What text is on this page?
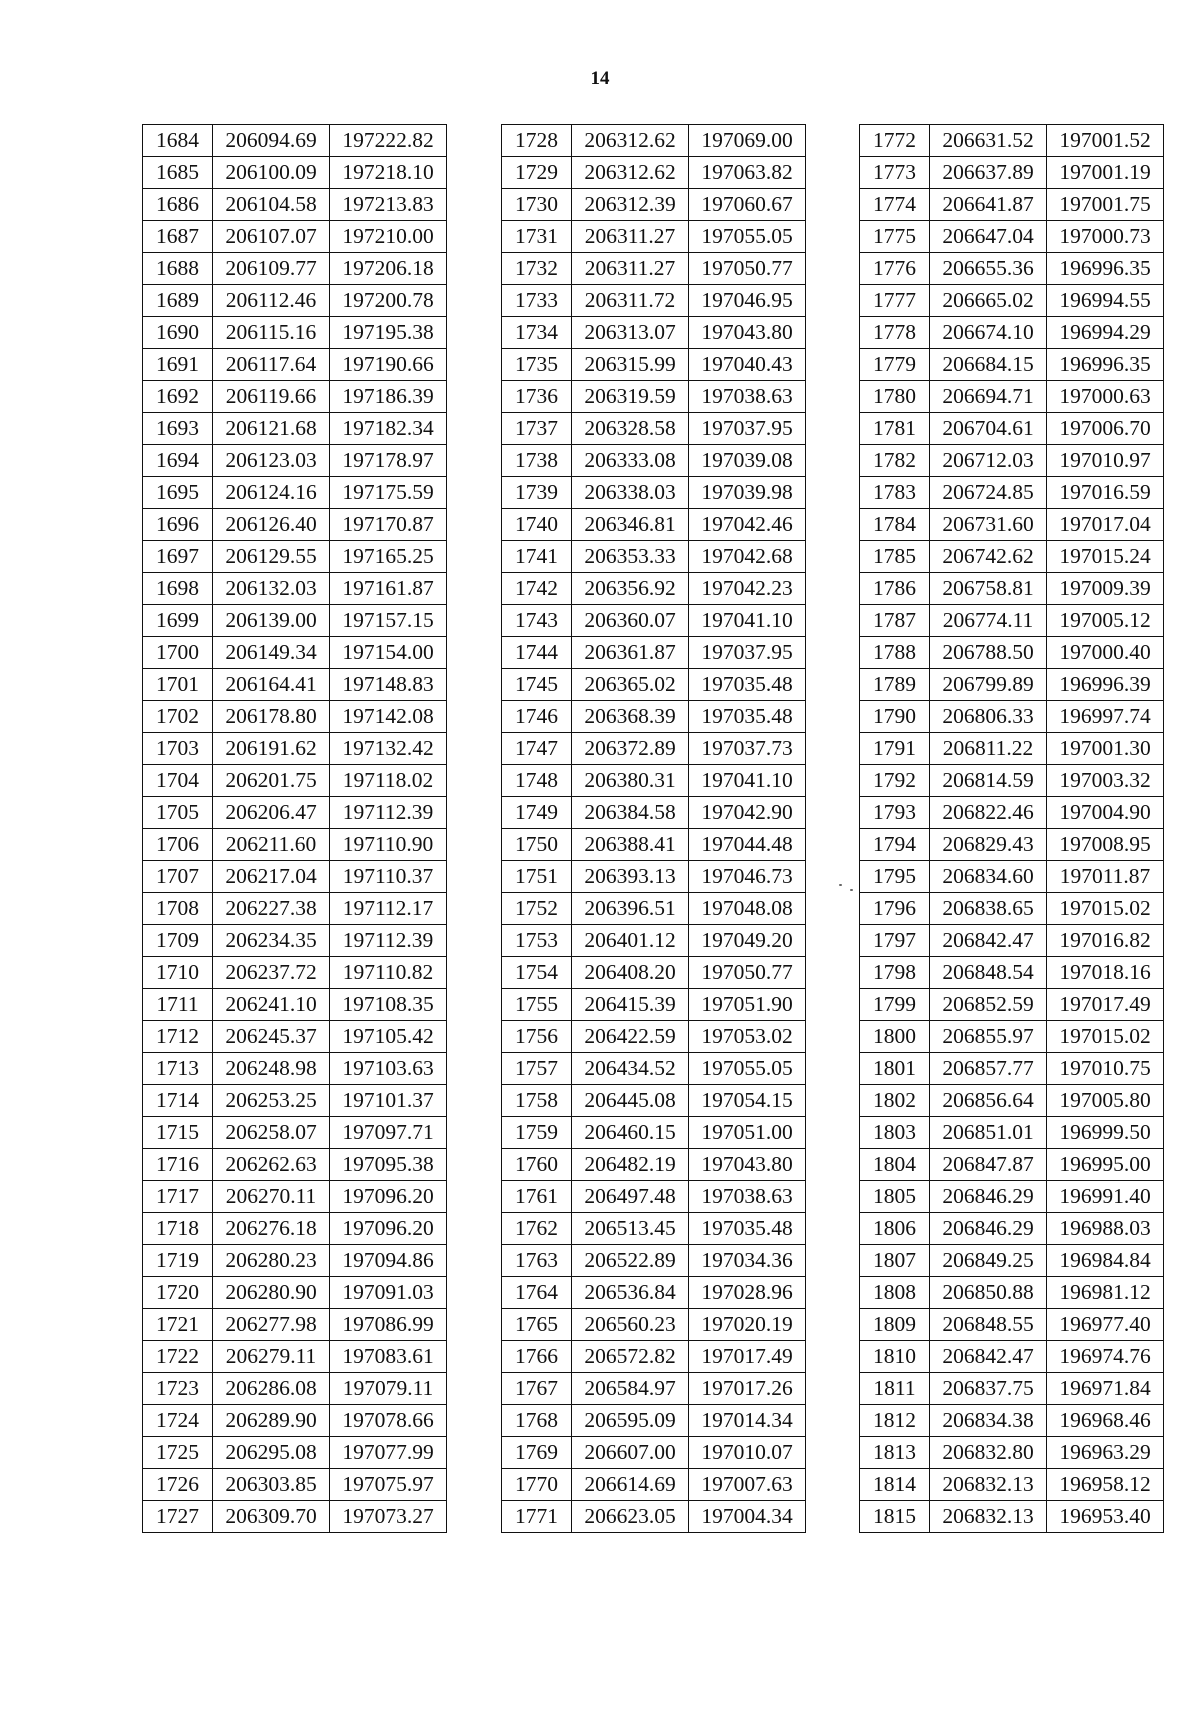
14
1684	206094.69	197222.82
1685	206100.09	197218.10
1686	206104.58	197213.83
1687	206107.07	197210.00
1688	206109.77	197206.18
1689	206112.46	197200.78
1690	206115.16	197195.38
1691	206117.64	197190.66
1692	206119.66	197186.39
1693	206121.68	197182.34
1694	206123.03	197178.97
1695	206124.16	197175.59
1696	206126.40	197170.87
1697	206129.55	197165.25
1698	206132.03	197161.87
1699	206139.00	197157.15
1700	206149.34	197154.00
1701	206164.41	197148.83
1702	206178.80	197142.08
1703	206191.62	197132.42
1704	206201.75	197118.02
1705	206206.47	197112.39
1706	206211.60	197110.90
1707	206217.04	197110.37
1708	206227.38	197112.17
1709	206234.35	197112.39
1710	206237.72	197110.82
1711	206241.10	197108.35
1712	206245.37	197105.42
1713	206248.98	197103.63
1714	206253.25	197101.37
1715	206258.07	197097.71
1716	206262.63	197095.38
1717	206270.11	197096.20
1718	206276.18	197096.20
1719	206280.23	197094.86
1720	206280.90	197091.03
1721	206277.98	197086.99
1722	206279.11	197083.61
1723	206286.08	197079.11
1724	206289.90	197078.66
1725	206295.08	197077.99
1726	206303.85	197075.97
1727	206309.70	197073.27
1728	206312.62	197069.00
1729	206312.62	197063.82
1730	206312.39	197060.67
1731	206311.27	197055.05
1732	206311.27	197050.77
1733	206311.72	197046.95
1734	206313.07	197043.80
1735	206315.99	197040.43
1736	206319.59	197038.63
1737	206328.58	197037.95
1738	206333.08	197039.08
1739	206338.03	197039.98
1740	206346.81	197042.46
1741	206353.33	197042.68
1742	206356.92	197042.23
1743	206360.07	197041.10
1744	206361.87	197037.95
1745	206365.02	197035.48
1746	206368.39	197035.48
1747	206372.89	197037.73
1748	206380.31	197041.10
1749	206384.58	197042.90
1750	206388.41	197044.48
1751	206393.13	197046.73
1752	206396.51	197048.08
1753	206401.12	197049.20
1754	206408.20	197050.77
1755	206415.39	197051.90
1756	206422.59	197053.02
1757	206434.52	197055.05
1758	206445.08	197054.15
1759	206460.15	197051.00
1760	206482.19	197043.80
1761	206497.48	197038.63
1762	206513.45	197035.48
1763	206522.89	197034.36
1764	206536.84	197028.96
1765	206560.23	197020.19
1766	206572.82	197017.49
1767	206584.97	197017.26
1768	206595.09	197014.34
1769	206607.00	197010.07
1770	206614.69	197007.63
1771	206623.05	197004.34
1772	206631.52	197001.52
1773	206637.89	197001.19
1774	206641.87	197001.75
1775	206647.04	197000.73
1776	206655.36	196996.35
1777	206665.02	196994.55
1778	206674.10	196994.29
1779	206684.15	196996.35
1780	206694.71	197000.63
1781	206704.61	197006.70
1782	206712.03	197010.97
1783	206724.85	197016.59
1784	206731.60	197017.04
1785	206742.62	197015.24
1786	206758.81	197009.39
1787	206774.11	197005.12
1788	206788.50	197000.40
1789	206799.89	196996.39
1790	206806.33	196997.74
1791	206811.22	197001.30
1792	206814.59	197003.32
1793	206822.46	197004.90
1794	206829.43	197008.95
1795	206834.60	197011.87
1796	206838.65	197015.02
1797	206842.47	197016.82
1798	206848.54	197018.16
1799	206852.59	197017.49
1800	206855.97	197015.02
1801	206857.77	197010.75
1802	206856.64	197005.80
1803	206851.01	196999.50
1804	206847.87	196995.00
1805	206846.29	196991.40
1806	206846.29	196988.03
1807	206849.25	196984.84
1808	206850.88	196981.12
1809	206848.55	196977.40
1810	206842.47	196974.76
1811	206837.75	196971.84
1812	206834.38	196968.46
1813	206832.80	196963.29
1814	206832.13	196958.12
1815	206832.13	196953.40
